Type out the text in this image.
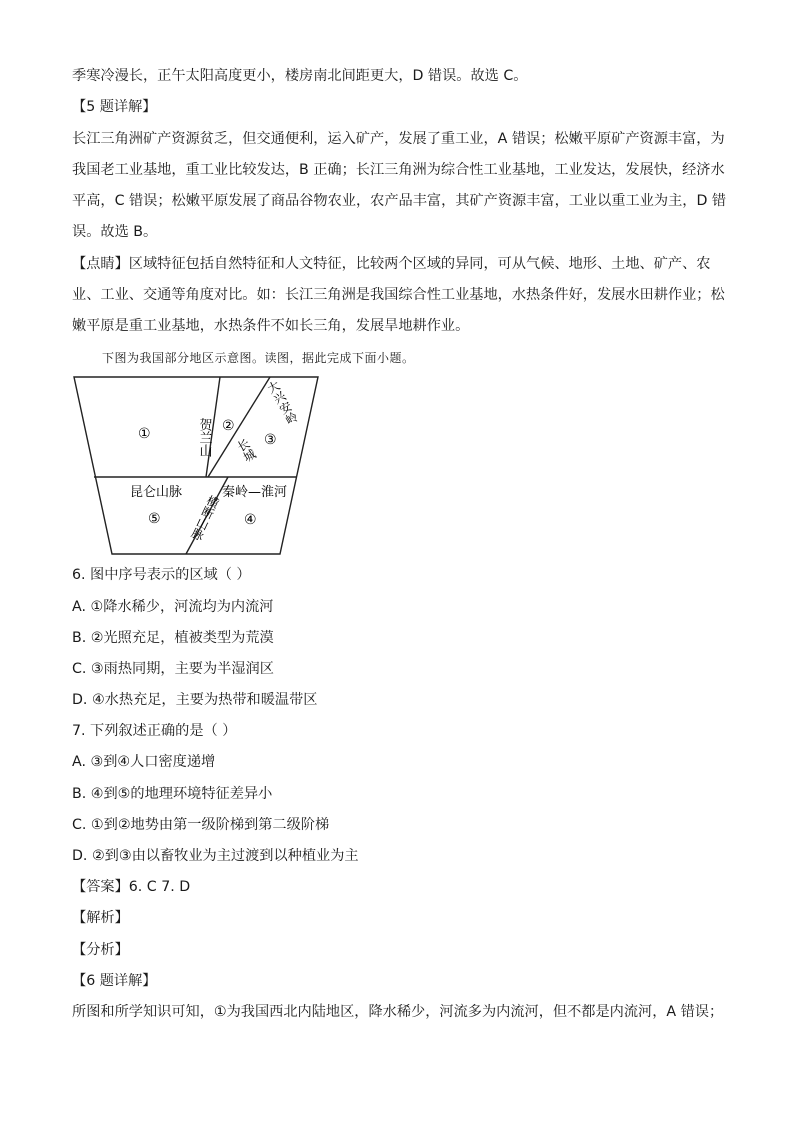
季寒冷漫长，正午太阳高度更小，楼房南北间距更大，D 错误。故选 C。
【5 题详解】
长江三角洲矿产资源贫乏，但交通便利，运入矿产，发展了重工业，A 错误；松嫩平原矿产资源丰富，为
我国老工业基地，重工业比较发达，B 正确；长江三角洲为综合性工业基地，工业发达，发展快，经济水
平高，C 错误；松嫩平原发展了商品谷物农业，农产品丰富，其矿产资源丰富，工业以重工业为主，D 错
误。故选 B。
【点睛】区域特征包括自然特征和人文特征，比较两个区域的异同，可从气候、地形、土地、矿产、农
业、工业、交通等角度对比。如：长江三角洲是我国综合性工业基地，水热条件好，发展水田耕作业；松
嫩平原是重工业基地，水热条件不如长三角，发展旱地耕作业。
下图为我国部分地区示意图。读图，据此完成下面小题。
①	②
③
④
⑤
贺兰山
大兴安岭
长城
昆仑山脉	秦岭—淮河
横断山脉
6. 图中序号表示的区域（ ）
A. ①降水稀少，河流均为内流河
B. ②光照充足，植被类型为荒漠
C. ③雨热同期，主要为半湿润区
D. ④水热充足，主要为热带和暖温带区
7. 下列叙述正确的是（ ）
A. ③到④人口密度递增
B. ④到⑤的地理环境特征差异小
C. ①到②地势由第一级阶梯到第二级阶梯
D. ②到③由以畜牧业为主过渡到以种植业为主
【答案】6. C 7. D
【解析】
【分析】
【6 题详解】
所图和所学知识可知，①为我国西北内陆地区，降水稀少，河流多为内流河，但不都是内流河，A 错误；
